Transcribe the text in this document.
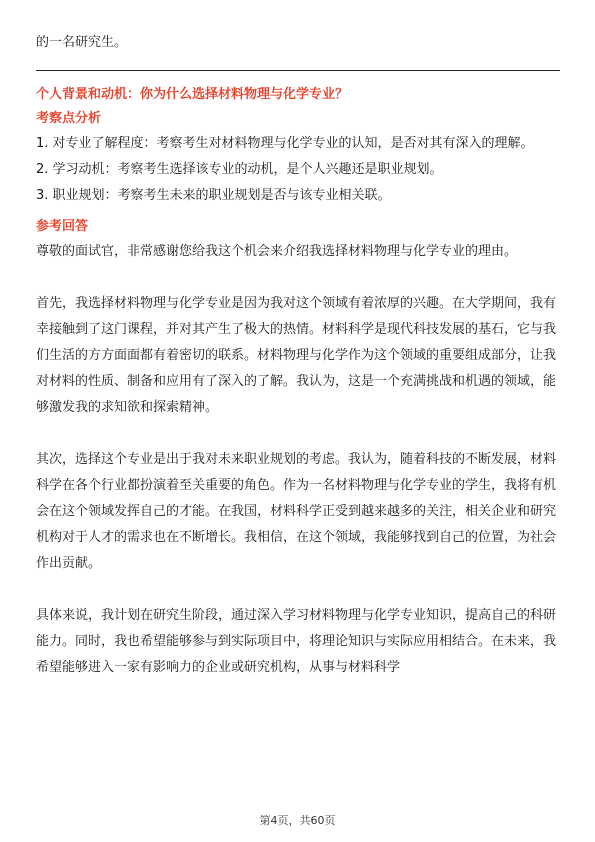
的一名研究生。

个人背景和动机：你为什么选择材料物理与化学专业？

考察点分析

1. 对专业了解程度：考察考生对材料物理与化学专业的认知，是否对其有深入的理解。

2. 学习动机：考察考生选择该专业的动机，是个人兴趣还是职业规划。

3. 职业规划：考察考生未来的职业规划是否与该专业相关联。

参考回答

尊敬的面试官，非常感谢您给我这个机会来介绍我选择材料物理与化学专业的理由。

首先，我选择材料物理与化学专业是因为我对这个领域有着浓厚的兴趣。在大学期间，我有幸接触到了这门课程，并对其产生了极大的热情。材料科学是现代科技发展的基石，它与我们生活的方方面面都有着密切的联系。材料物理与化学作为这个领域的重要组成部分，让我对材料的性质、制备和应用有了深入的了解。我认为，这是一个充满挑战和机遇的领域，能够激发我的求知欲和探索精神。

其次，选择这个专业是出于我对未来职业规划的考虑。我认为，随着科技的不断发展，材料科学在各个行业都扮演着至关重要的角色。作为一名材料物理与化学专业的学生，我将有机会在这个领域发挥自己的才能。在我国，材料科学正受到越来越多的关注，相关企业和研究机构对于人才的需求也在不断增长。我相信，在这个领域，我能够找到自己的位置，为社会作出贡献。

具体来说，我计划在研究生阶段，通过深入学习材料物理与化学专业知识，提高自己的科研能力。同时，我也希望能够参与到实际项目中，将理论知识与实际应用相结合。在未来，我希望能够进入一家有影响力的企业或研究机构，从事与材料科学

第4页，共60页
